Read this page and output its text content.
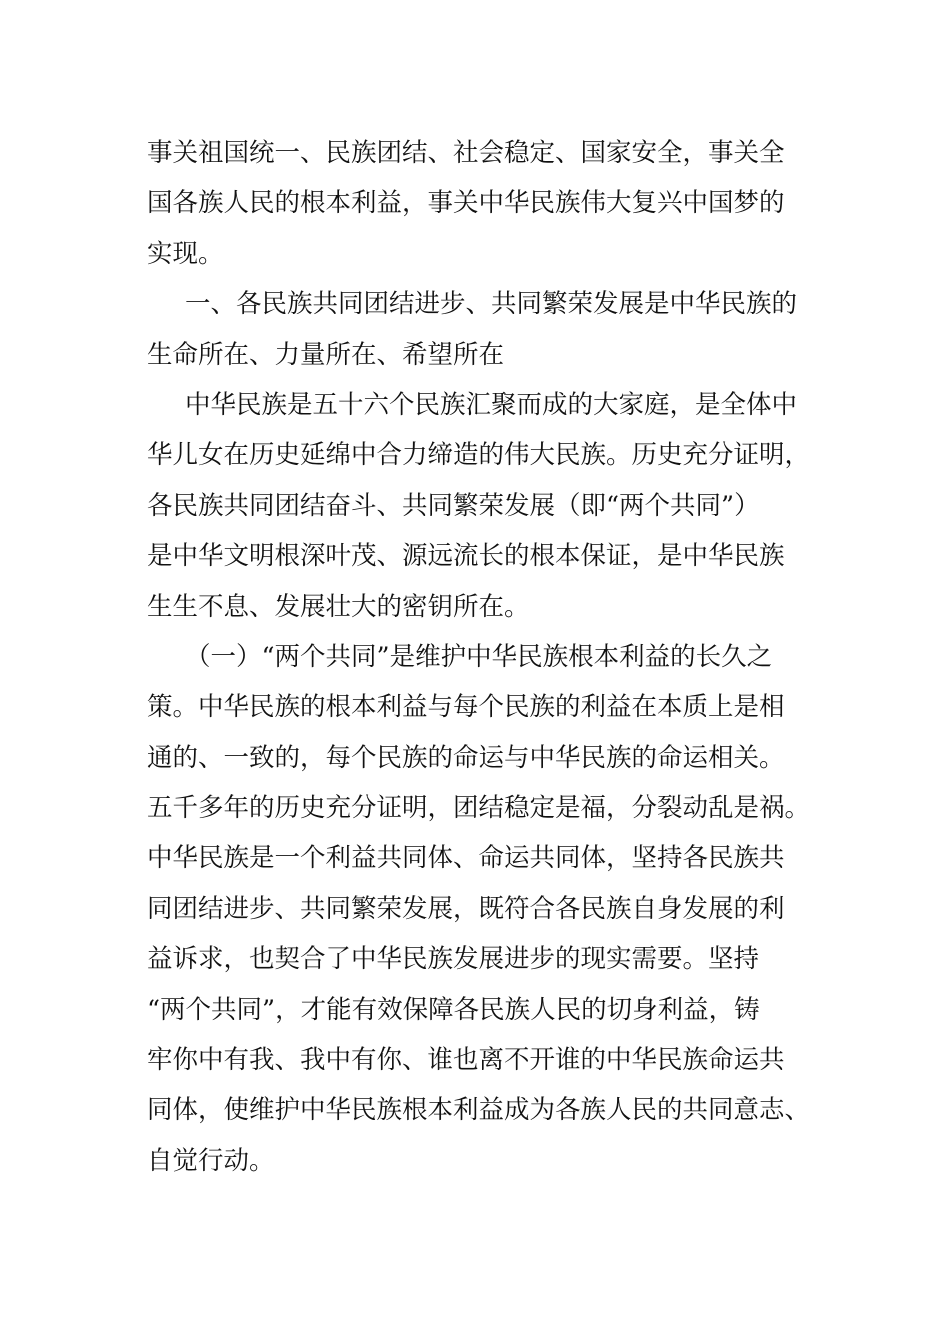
事关祖国统一、民族团结、社会稳定、国家安全，事关全
国各族人民的根本利益，事关中华民族伟大复兴中国梦的
实现。
一、各民族共同团结进步、共同繁荣发展是中华民族的
生命所在、力量所在、希望所在
中华民族是五十六个民族汇聚而成的大家庭，是全体中
华儿女在历史延绵中合力缔造的伟大民族。历史充分证明，
各民族共同团结奋斗、共同繁荣发展（即“两个共同”）
是中华文明根深叶茂、源远流长的根本保证，是中华民族
生生不息、发展壮大的密钥所在。
（一）“两个共同”是维护中华民族根本利益的长久之
策。中华民族的根本利益与每个民族的利益在本质上是相
通的、一致的，每个民族的命运与中华民族的命运相关。
五千多年的历史充分证明，团结稳定是福，分裂动乱是祸。
中华民族是一个利益共同体、命运共同体，坚持各民族共
同团结进步、共同繁荣发展，既符合各民族自身发展的利
益诉求，也契合了中华民族发展进步的现实需要。坚持
“两个共同”，才能有效保障各民族人民的切身利益，铸
牢你中有我、我中有你、谁也离不开谁的中华民族命运共
同体，使维护中华民族根本利益成为各族人民的共同意志、
自觉行动。
